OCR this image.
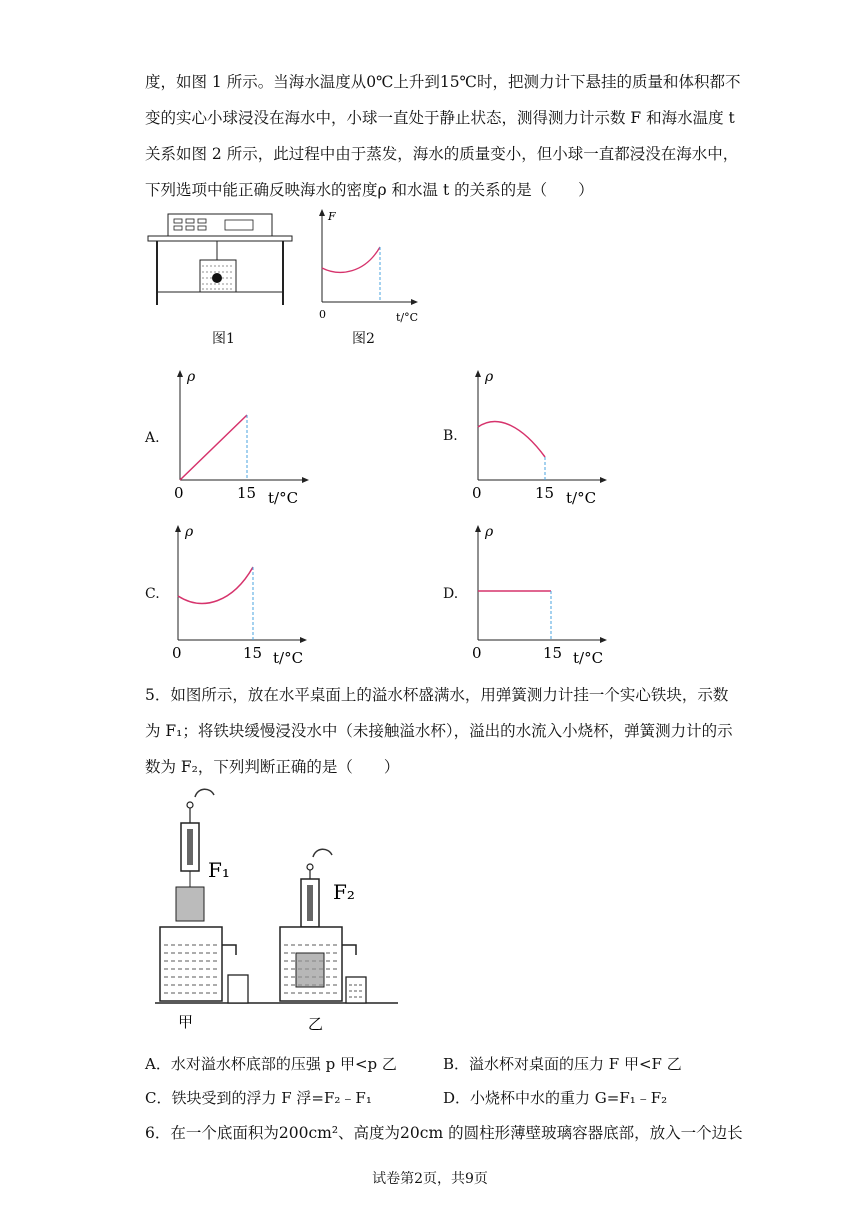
度，如图 1 所示。当海水温度从0℃上升到15℃时，把测力计下悬挂的质量和体积都不
变的实心小球浸没在海水中，小球一直处于静止状态，测得测力计示数 F 和海水温度 t
关系如图 2 所示，此过程中由于蒸发，海水的质量变小，但小球一直都浸没在海水中，
下列选项中能正确反映海水的密度ρ 和水温 t 的关系的是（　　）
图1
F
0	t/°C
图2
A.
ρ
0	15 t/°C
B.
ρ
0	15 t/°C
C.
ρ
0	15 t/°C
D.
ρ
0	15 t/°C
5．如图所示，放在水平桌面上的溢水杯盛满水，用弹簧测力计挂一个实心铁块，示数
为 F₁；将铁块缓慢浸没水中（未接触溢水杯），溢出的水流入小烧杯，弹簧测力计的示
数为 F₂，下列判断正确的是（　　）
F₁
F₂
甲	乙
A．水对溢水杯底部的压强 p 甲<p 乙	B．溢水杯对桌面的压力 F 甲<F 乙
C．铁块受到的浮力 F 浮=F₂﹣F₁	D．小烧杯中水的重力 G=F₁﹣F₂
6．在一个底面积为200cm²、高度为20cm 的圆柱形薄壁玻璃容器底部，放入一个边长
试卷第2页，共9页
